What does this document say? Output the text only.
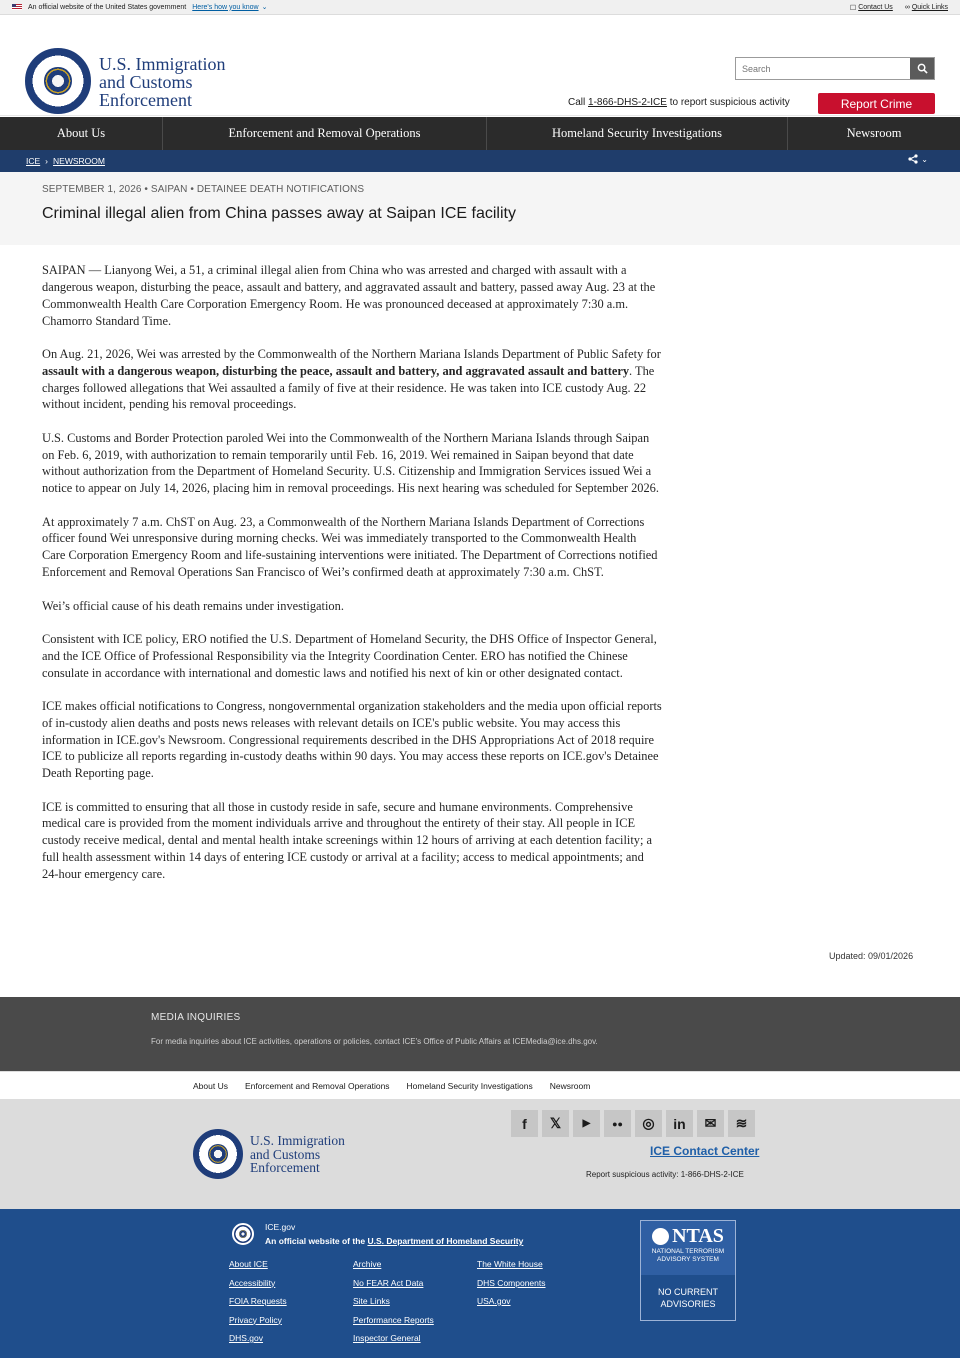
An official website of the United States government Here's how you know ⌄	☐ Contact Us ∞ Quick Links
U.S. Immigration
and Customs
Enforcement
Search	Call 1-866-DHS-2-ICE to report suspicious activity	Report Crime
About Us	Enforcement and Removal Operations	Homeland Security Investigations	Newsroom
ICE › NEWSROOM	⌄
SEPTEMBER 1, 2026 • SAIPAN • DETAINEE DEATH NOTIFICATIONS
Criminal illegal alien from China passes away at Saipan ICE facility

SAIPAN — Lianyong Wei, a 51, a criminal illegal alien from China who was arrested and charged with assault with a dangerous weapon, disturbing the peace, assault and battery, and aggravated assault and battery, passed away Aug. 23 at the Commonwealth Health Care Corporation Emergency Room. He was pronounced deceased at approximately 7:30 a.m. Chamorro Standard Time.

On Aug. 21, 2026, Wei was arrested by the Commonwealth of the Northern Mariana Islands Department of Public Safety for assault with a dangerous weapon, disturbing the peace, assault and battery, and aggravated assault and battery. The charges followed allegations that Wei assaulted a family of five at their residence. He was taken into ICE custody Aug. 22 without incident, pending his removal proceedings.

U.S. Customs and Border Protection paroled Wei into the Commonwealth of the Northern Mariana Islands through Saipan on Feb. 6, 2019, with authorization to remain temporarily until Feb. 16, 2019. Wei remained in Saipan beyond that date without authorization from the Department of Homeland Security. U.S. Citizenship and Immigration Services issued Wei a notice to appear on July 14, 2026, placing him in removal proceedings. His next hearing was scheduled for September 2026.

At approximately 7 a.m. ChST on Aug. 23, a Commonwealth of the Northern Mariana Islands Department of Corrections officer found Wei unresponsive during morning checks. Wei was immediately transported to the Commonwealth Health Care Corporation Emergency Room and life-sustaining interventions were initiated. The Department of Corrections notified Enforcement and Removal Operations San Francisco of Wei’s confirmed death at approximately 7:30 a.m. ChST.

Wei’s official cause of his death remains under investigation.

Consistent with ICE policy, ERO notified the U.S. Department of Homeland Security, the DHS Office of Inspector General, and the ICE Office of Professional Responsibility via the Integrity Coordination Center. ERO has notified the Chinese consulate in accordance with international and domestic laws and notified his next of kin or other designated contact.

ICE makes official notifications to Congress, nongovernmental organization stakeholders and the media upon official reports of in-custody alien deaths and posts news releases with relevant details on ICE's public website. You may access this information in ICE.gov's Newsroom. Congressional requirements described in the DHS Appropriations Act of 2018 require ICE to publicize all reports regarding in-custody deaths within 90 days. You may access these reports on ICE.gov's Detainee Death Reporting page.

ICE is committed to ensuring that all those in custody reside in safe, secure and humane environments. Comprehensive medical care is provided from the moment individuals arrive and throughout the entirety of their stay. All people in ICE custody receive medical, dental and mental health intake screenings within 12 hours of arriving at each detention facility; a full health assessment within 14 days of entering ICE custody or arrival at a facility; access to medical appointments; and 24-hour emergency care.

Updated: 09/01/2026
MEDIA INQUIRIES
For media inquiries about ICE activities, operations or policies, contact ICE's Office of Public Affairs at ICEMedia@ice.dhs.gov.
About Us Enforcement and Removal Operations Homeland Security Investigations Newsroom
U.S. Immigration
and Customs
Enforcement
f	𝕏	▶	●●	◎	in	✉	≋
ICE Contact Center
Report suspicious activity: 1-866-DHS-2-ICE
ICE.gov
An official website of the U.S. Department of Homeland Security
About ICE	Archive	The White House
Accessibility	No FEAR Act Data	DHS Components
FOIA Requests	Site Links	USA.gov
Privacy Policy	Performance Reports
DHS.gov	Inspector General
NTAS
NATIONAL TERRORISM
ADVISORY SYSTEM
NO CURRENT
ADVISORIES
